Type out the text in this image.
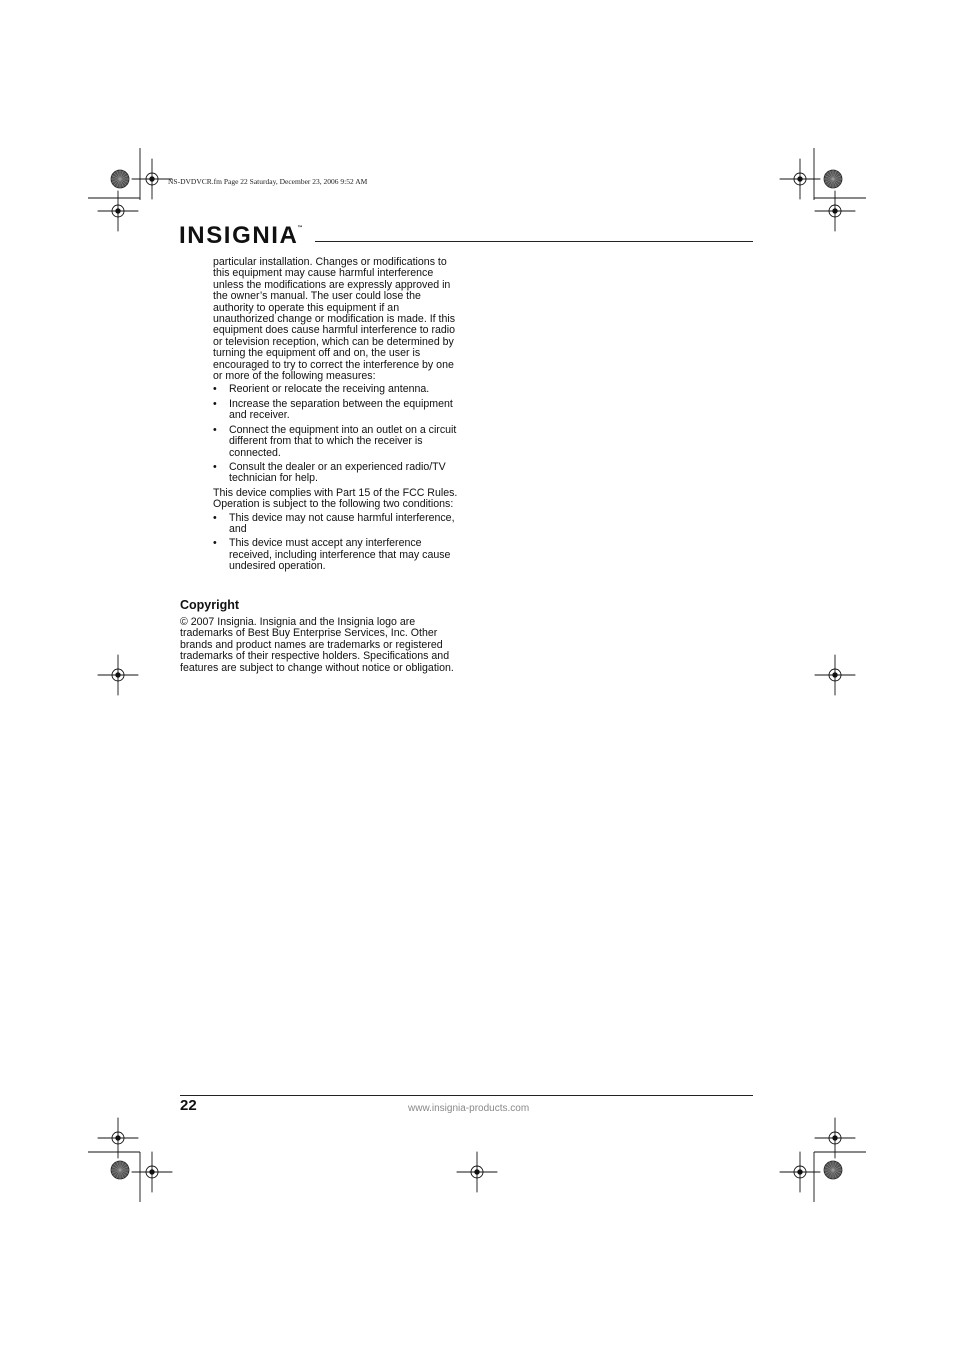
NS-DVDVCR.fm Page 22 Saturday, December 23, 2006 9:52 AM
INSIGNIA™

particular installation. Changes or modifications to this equipment may cause harmful interference unless the modifications are expressly approved in the owner’s manual. The user could lose the authority to operate this equipment if an unauthorized change or modification is made. If this equipment does cause harmful interference to radio or television reception, which can be determined by turning the equipment off and on, the user is encouraged to try to correct the interference by one or more of the following measures:

• Reorient or relocate the receiving antenna.
• Increase the separation between the equipment and receiver.
• Connect the equipment into an outlet on a circuit different from that to which the receiver is connected.
• Consult the dealer or an experienced radio/TV technician for help.

This device complies with Part 15 of the FCC Rules. Operation is subject to the following two conditions:

• This device may not cause harmful interference, and
• This device must accept any interference received, including interference that may cause undesired operation.
Copyright
© 2007 Insignia. Insignia and the Insignia logo are trademarks of Best Buy Enterprise Services, Inc. Other brands and product names are trademarks or registered trademarks of their respective holders. Specifications and features are subject to change without notice or obligation.
22	www.insignia-products.com
